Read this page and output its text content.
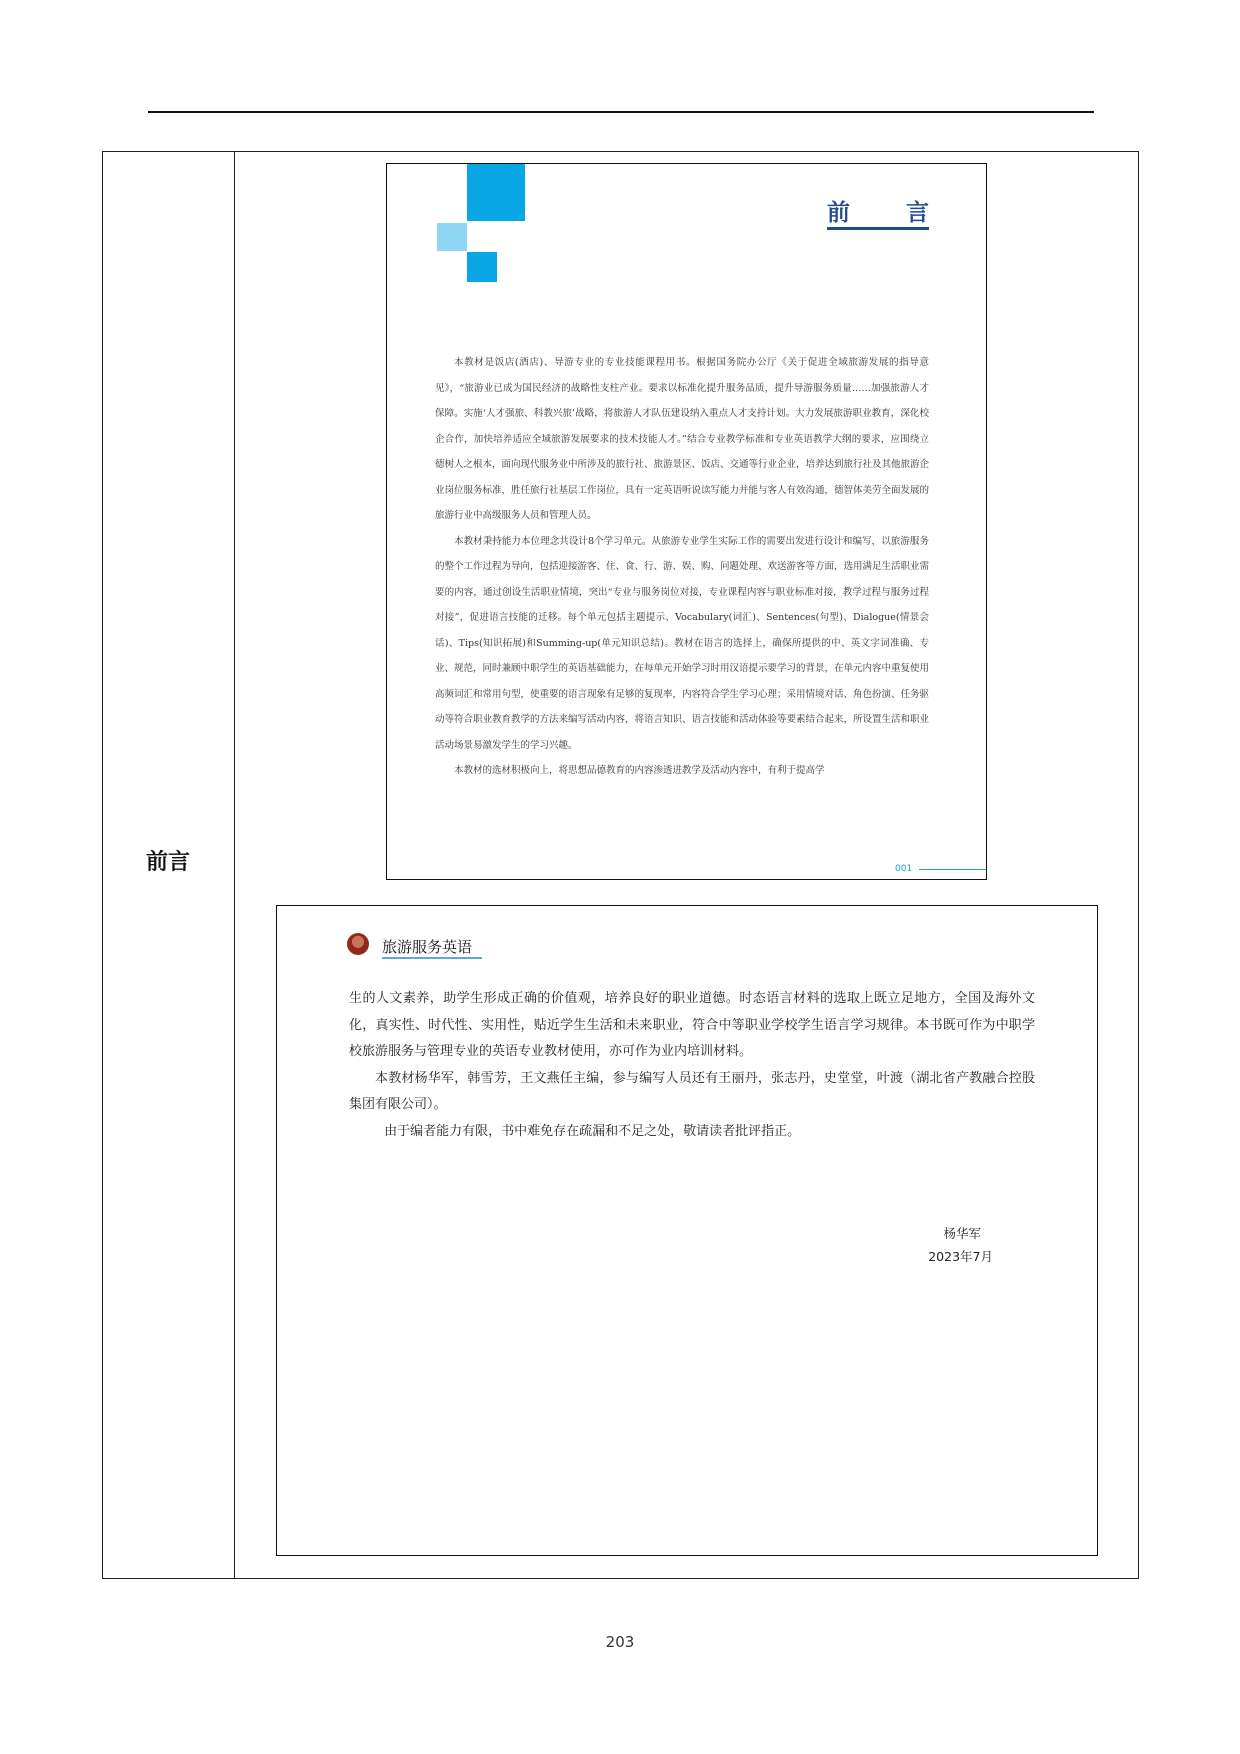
前言
前 言

本教材是饭店(酒店)、导游专业的专业技能课程用书。根据国务院办公厅《关于促进全域旅游发展的指导意见》，“旅游业已成为国民经济的战略性支柱产业。要求以标准化提升服务品质，提升导游服务质量……加强旅游人才保障。实施‘人才强旅、科教兴旅’战略，将旅游人才队伍建设纳入重点人才支持计划。大力发展旅游职业教育，深化校企合作，加快培养适应全域旅游发展要求的技术技能人才。”结合专业教学标准和专业英语教学大纲的要求，应围绕立德树人之根本，面向现代服务业中所涉及的旅行社、旅游景区、饭店、交通等行业企业，培养达到旅行社及其他旅游企业岗位服务标准，胜任旅行社基层工作岗位，具有一定英语听说读写能力并能与客人有效沟通，德智体美劳全面发展的旅游行业中高级服务人员和管理人员。

本教材秉持能力本位理念共设计8个学习单元。从旅游专业学生实际工作的需要出发进行设计和编写，以旅游服务的整个工作过程为导向，包括迎接游客、住、食、行、游、娱、购、问题处理、欢送游客等方面，选用满足生活职业需要的内容，通过创设生活职业情境，突出“专业与服务岗位对接，专业课程内容与职业标准对接，教学过程与服务过程对接”，促进语言技能的迁移。每个单元包括主题提示、Vocabulary(词汇)、Sentences(句型)、Dialogue(情景会话)、Tips(知识拓展)和Summing-up(单元知识总结)。教材在语言的选择上，确保所提供的中、英文字词准确、专业、规范，同时兼顾中职学生的英语基础能力，在每单元开始学习时用汉语提示要学习的背景，在单元内容中重复使用高频词汇和常用句型，使重要的语言现象有足够的复现率，内容符合学生学习心理；采用情境对话、角色扮演、任务驱动等符合职业教育教学的方法来编写活动内容，将语言知识、语言技能和活动体验等要素结合起来，所设置生活和职业活动场景易激发学生的学习兴趣。

本教材的选材积极向上，将思想品德教育的内容渗透进教学及活动内容中，有利于提高学

001
旅游服务英语

生的人文素养，助学生形成正确的价值观，培养良好的职业道德。时态语言材料的选取上既立足地方，全国及海外文化，真实性、时代性、实用性，贴近学生生活和未来职业，符合中等职业学校学生语言学习规律。本书既可作为中职学校旅游服务与管理专业的英语专业教材使用，亦可作为业内培训材料。

本教材杨华军，韩雪芳，王文燕任主编，参与编写人员还有王丽丹，张志丹，史堂堂，叶渡（湖北省产教融合控股集团有限公司）。

由于编者能力有限，书中难免存在疏漏和不足之处，敬请读者批评指正。

杨华军
2023年7月
203
